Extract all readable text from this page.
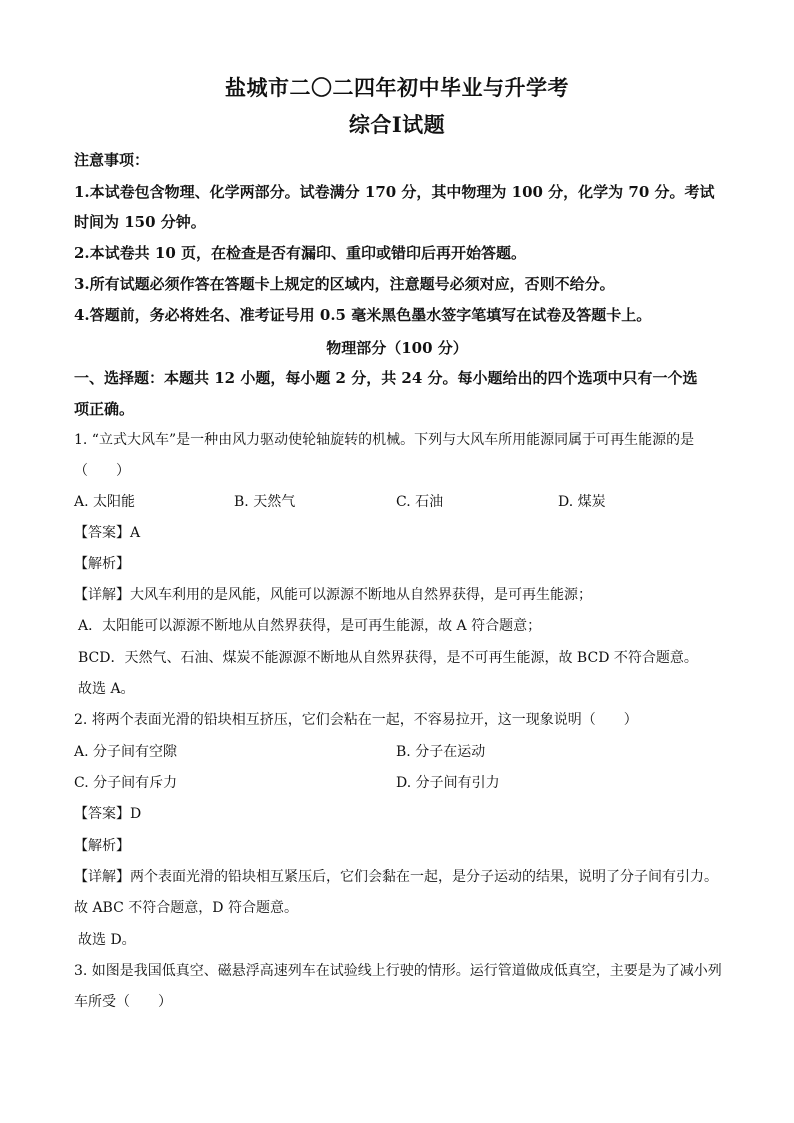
盐城市二〇二四年初中毕业与升学考
综合Ⅰ试题
注意事项：
1.本试卷包含物理、化学两部分。试卷满分 170 分，其中物理为 100 分，化学为 70 分。考试
时间为 150 分钟。
2.本试卷共 10 页，在检查是否有漏印、重印或错印后再开始答题。
3.所有试题必须作答在答题卡上规定的区域内，注意题号必须对应，否则不给分。
4.答题前，务必将姓名、准考证号用 0.5 毫米黑色墨水签字笔填写在试卷及答题卡上。
物理部分（100 分）
一、选择题：本题共 12 小题，每小题 2 分，共 24 分。每小题给出的四个选项中只有一个选
项正确。
1. “立式大风车”是一种由风力驱动使轮轴旋转的机械。下列与大风车所用能源同属于可再生能源的是
（　　）
A. 太阳能	B. 天然气	C. 石油	D. 煤炭
【答案】A
【解析】
【详解】大风车利用的是风能，风能可以源源不断地从自然界获得，是可再生能源；
A．太阳能可以源源不断地从自然界获得，是可再生能源，故 A 符合题意；
BCD．天然气、石油、煤炭不能源源不断地从自然界获得，是不可再生能源，故 BCD 不符合题意。
故选 A。
2. 将两个表面光滑的铅块相互挤压，它们会粘在一起，不容易拉开，这一现象说明（　　）
A. 分子间有空隙	B. 分子在运动
C. 分子间有斥力	D. 分子间有引力
【答案】D
【解析】
【详解】两个表面光滑的铅块相互紧压后，它们会黏在一起，是分子运动的结果，说明了分子间有引力。
故 ABC 不符合题意，D 符合题意。
故选 D。
3. 如图是我国低真空、磁悬浮高速列车在试验线上行驶的情形。运行管道做成低真空，主要是为了减小列
车所受（　　）
